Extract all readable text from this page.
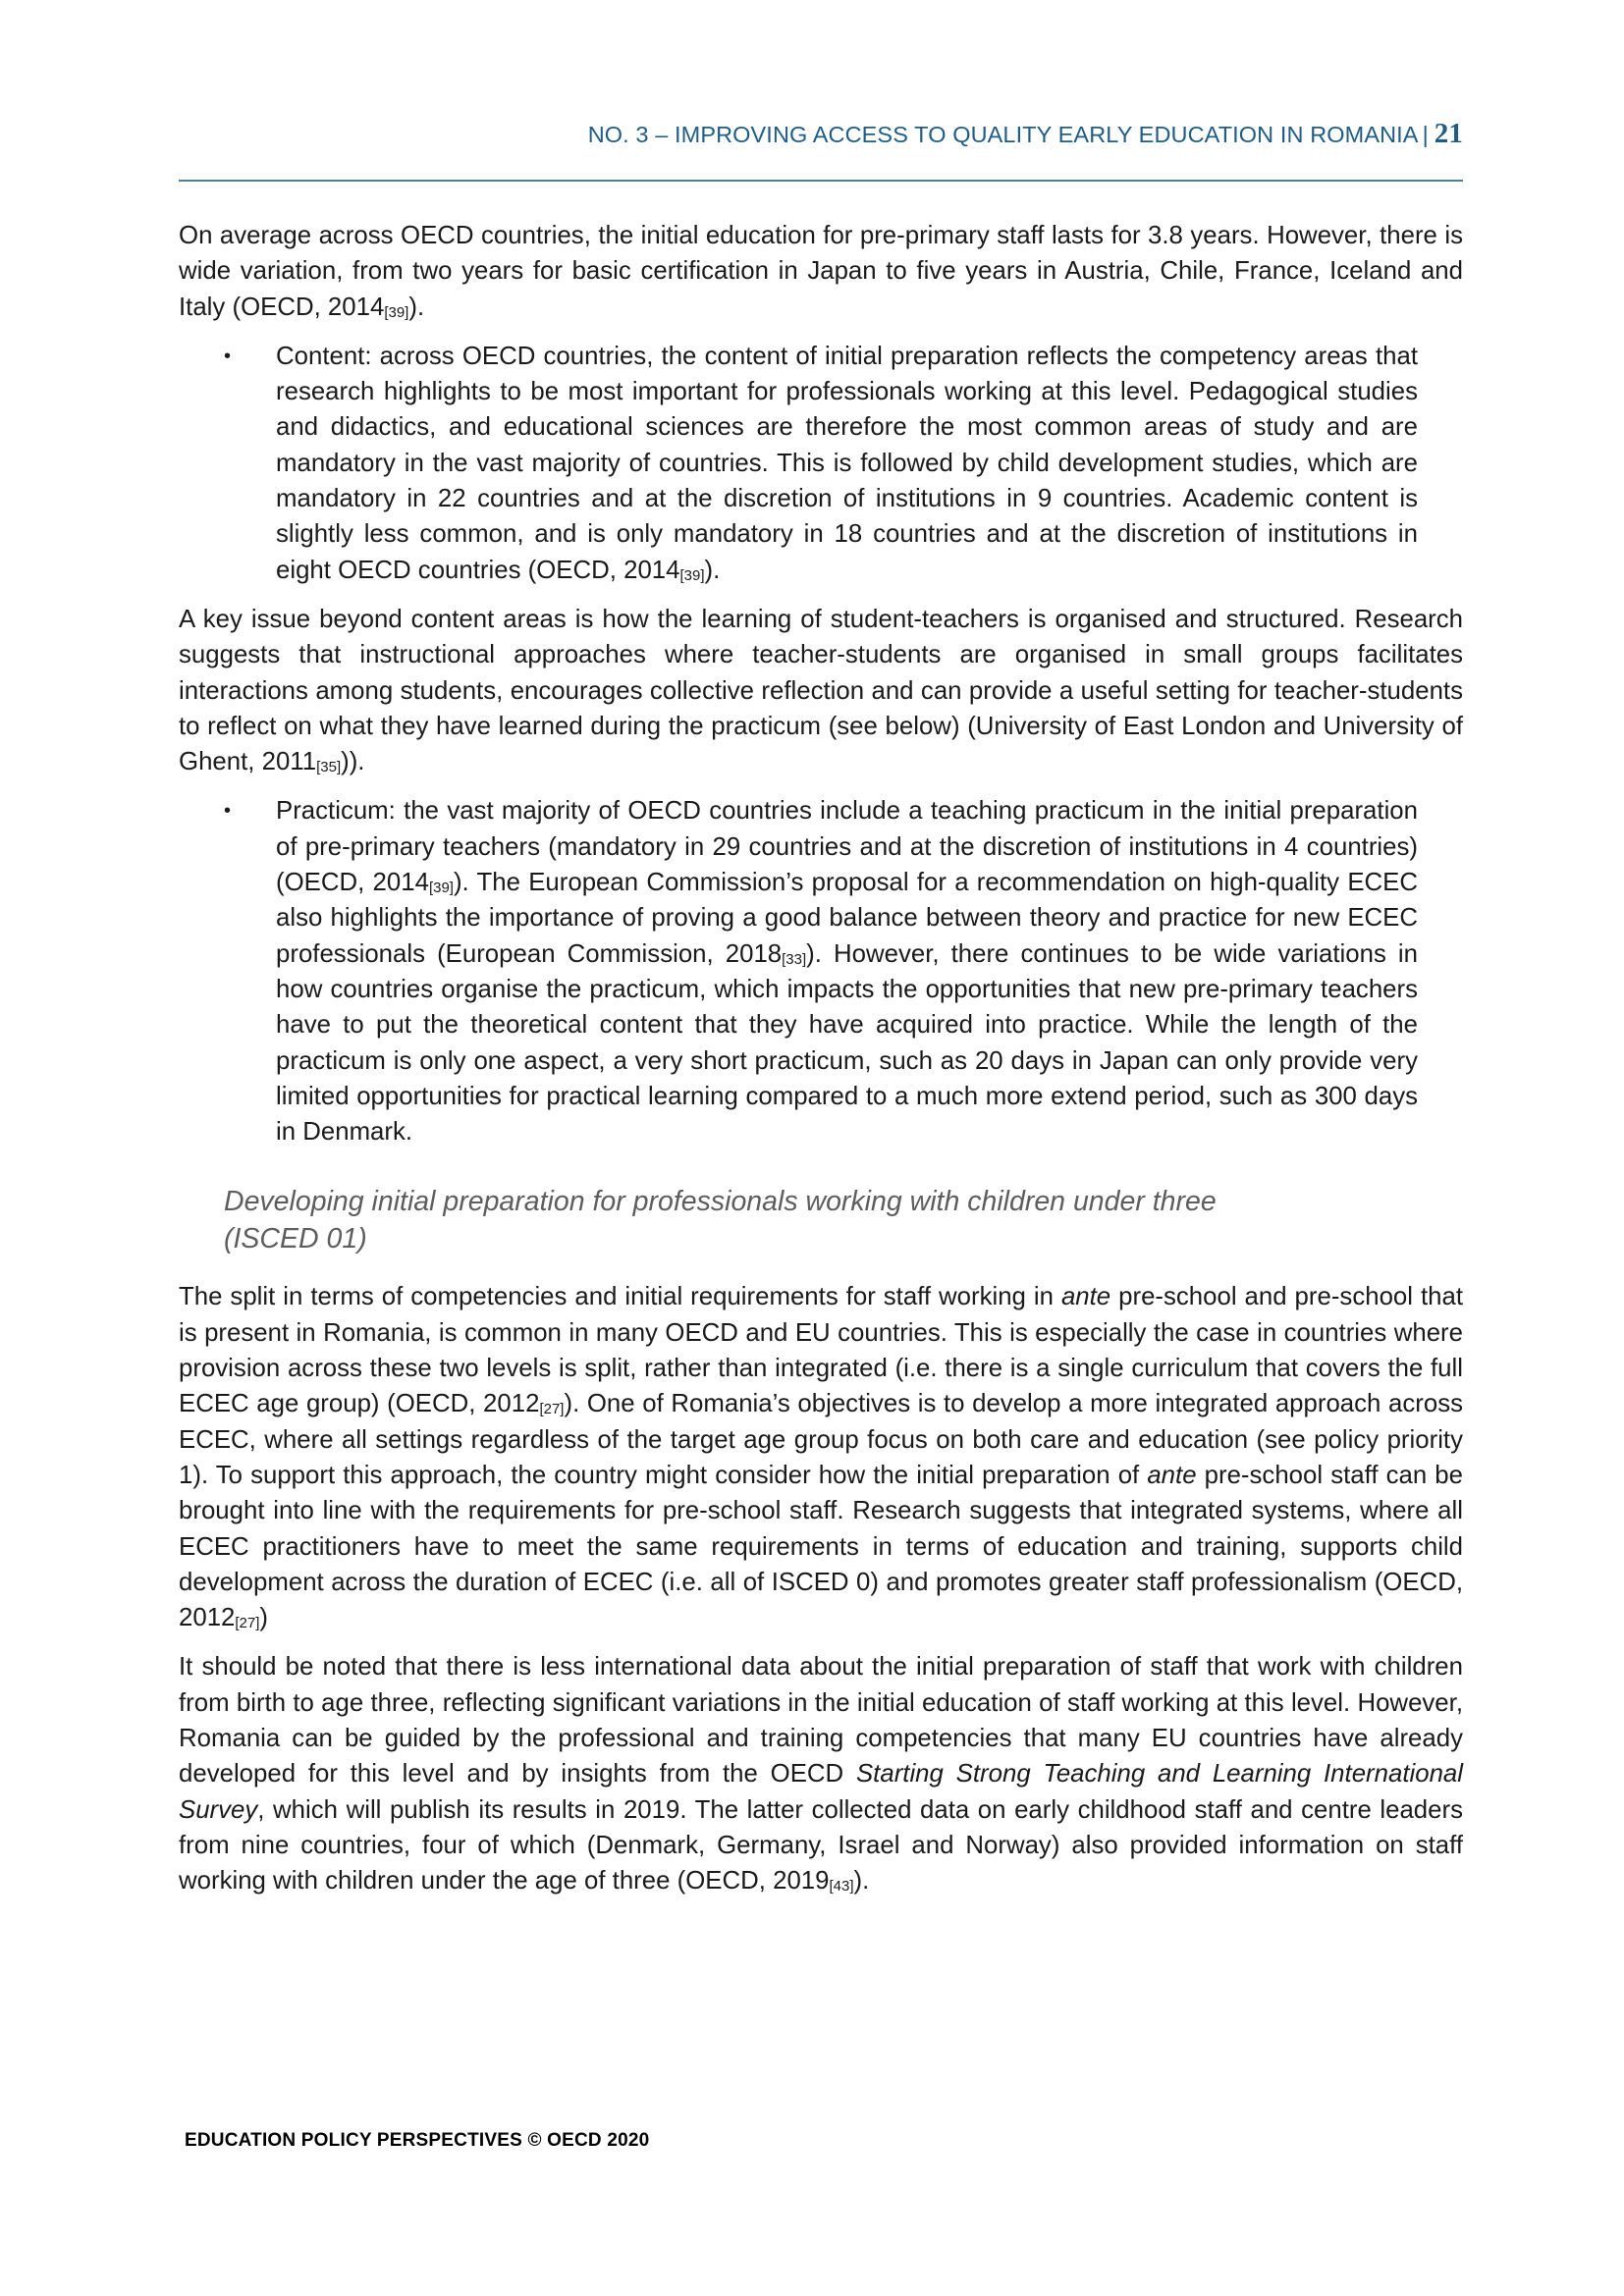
NO. 3 – IMPROVING ACCESS TO QUALITY EARLY EDUCATION IN ROMANIA | 21

On average across OECD countries, the initial education for pre-primary staff lasts for 3.8 years. However, there is wide variation, from two years for basic certification in Japan to five years in Austria, Chile, France, Iceland and Italy (OECD, $2014_{[39]}$).

• Content: across OECD countries, the content of initial preparation reflects the competency areas that research highlights to be most important for professionals working at this level. Pedagogical studies and didactics, and educational sciences are therefore the most common areas of study and are mandatory in the vast majority of countries. This is followed by child development studies, which are mandatory in 22 countries and at the discretion of institutions in 9 countries. Academic content is slightly less common, and is only mandatory in 18 countries and at the discretion of institutions in eight OECD countries (OECD, $2014_{[39]}$).

A key issue beyond content areas is how the learning of student-teachers is organised and structured. Research suggests that instructional approaches where teacher-students are organised in small groups facilitates interactions among students, encourages collective reflection and can provide a useful setting for teacher-students to reflect on what they have learned during the practicum (see below) (University of East London and University of Ghent, $2011_{[35]}$)).

• Practicum: the vast majority of OECD countries include a teaching practicum in the initial preparation of pre-primary teachers (mandatory in 29 countries and at the discretion of institutions in 4 countries) (OECD, $2014_{[39]}$). The European Commission’s proposal for a recommendation on high-quality ECEC also highlights the importance of proving a good balance between theory and practice for new ECEC professionals (European Commission, $2018_{[33]}$). However, there continues to be wide variations in how countries organise the practicum, which impacts the opportunities that new pre-primary teachers have to put the theoretical content that they have acquired into practice. While the length of the practicum is only one aspect, a very short practicum, such as 20 days in Japan can only provide very limited opportunities for practical learning compared to a much more extend period, such as 300 days in Denmark.
Developing initial preparation for professionals working with children under three (ISCED 01)

The split in terms of competencies and initial requirements for staff working in ante pre-school and pre-school that is present in Romania, is common in many OECD and EU countries. This is especially the case in countries where provision across these two levels is split, rather than integrated (i.e. there is a single curriculum that covers the full ECEC age group) (OECD, $2012_{[27]}$). One of Romania’s objectives is to develop a more integrated approach across ECEC, where all settings regardless of the target age group focus on both care and education (see policy priority 1). To support this approach, the country might consider how the initial preparation of ante pre-school staff can be brought into line with the requirements for pre-school staff. Research suggests that integrated systems, where all ECEC practitioners have to meet the same requirements in terms of education and training, supports child development across the duration of ECEC (i.e. all of ISCED 0) and promotes greater staff professionalism (OECD, $2012_{[27]}$)

It should be noted that there is less international data about the initial preparation of staff that work with children from birth to age three, reflecting significant variations in the initial education of staff working at this level. However, Romania can be guided by the professional and training competencies that many EU countries have already developed for this level and by insights from the OECD Starting Strong Teaching and Learning International Survey, which will publish its results in 2019. The latter collected data on early childhood staff and centre leaders from nine countries, four of which (Denmark, Germany, Israel and Norway) also provided information on staff working with children under the age of three (OECD, $2019_{[43]}$).

EDUCATION POLICY PERSPECTIVES © OECD 2020
